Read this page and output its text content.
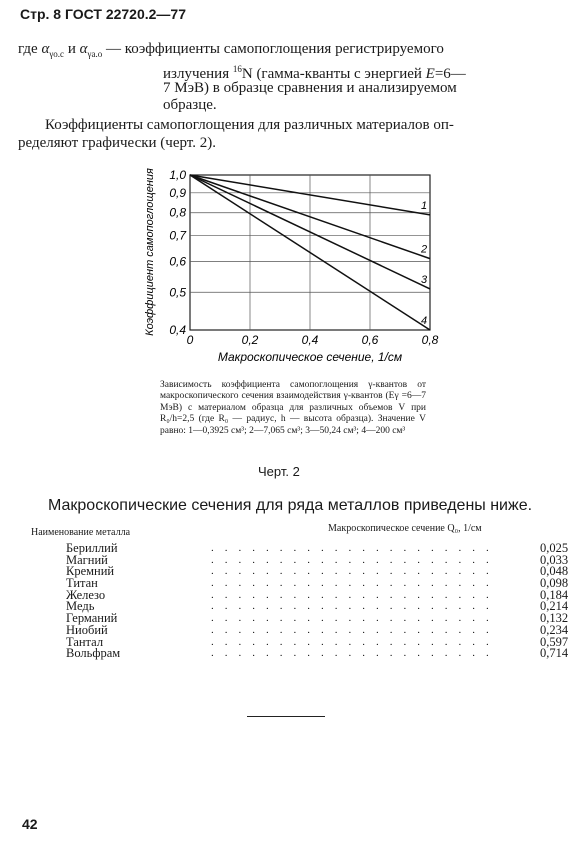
Стр. 8 ГОСТ 22720.2—77
где $\alpha_{\gamma о.с}$ и $\alpha_{\gamma а.о}$ — коэффициенты самопоглощения регистрируемого
излучения $^{16}$N (гамма-кванты с энергией E=6—
7 МэВ) в образце сравнения и анализируемом
образце.
Коэффициенты самопоглощения для различных материалов оп-
ределяют графически (черт. 2).
1
2
3
4
0	0,2	0,4	0,6	0,8
1,0
0,9
0,8
0,7
0,6
0,5
0,4
Макроскопическое сечение, 1/см
Коэффициент самопоглощения
Зависимость коэффициента самопоглощения γ-квантов от макроскопического сечения взаимодействия γ-квантов (Eγ =6—7 МэВ) с материалом образца для различных объемов V при R₀/h=2,5 (где R₀ — радиус, h — высота образца). Значение V равно: 1—0,3925 см³; 2—7,065 см³; 3—50,24 см³; 4—200 см³
Черт. 2
Макроскопические сечения для ряда металлов приведены ниже.
Наименование металла	Макроскопическое сечение Q₀, 1/см
Бериллий	.....................	0,025
Магний	.....................	0,033
Кремний	.....................	0,048
Титан	.....................	0,098
Железо	.....................	0,184
Медь	.....................	0,214
Германий	.....................	0,132
Ниобий	.....................	0,234
Тантал	.....................	0,597
Вольфрам	.....................	0,714
42
